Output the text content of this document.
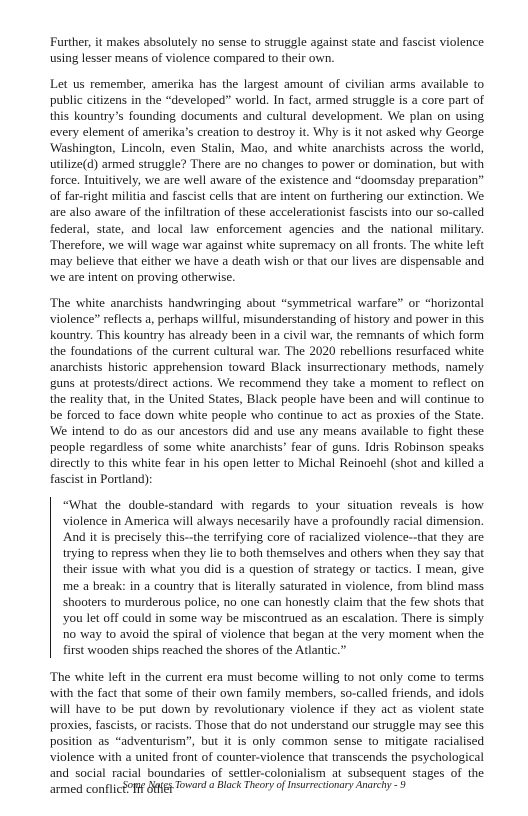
Further, it makes absolutely no sense to struggle against state and fascist violence using lesser means of violence compared to their own.

Let us remember, amerika has the largest amount of civilian arms available to public citizens in the “developed” world. In fact, armed struggle is a core part of this kountry’s founding documents and cultural development. We plan on using every element of amerika’s creation to destroy it. Why is it not asked why George Washington, Lincoln, even Stalin, Mao, and white anarchists across the world, utilize(d) armed struggle? There are no changes to power or domination, but with force. Intuitively, we are well aware of the existence and “doomsday preparation” of far-right militia and fascist cells that are intent on furthering our extinction. We are also aware of the infiltration of these accelerationist fascists into our so-called federal, state, and local law enforcement agencies and the national military. Therefore, we will wage war against white supremacy on all fronts. The white left may believe that either we have a death wish or that our lives are dispensable and we are intent on proving otherwise.

The white anarchists handwringing about “symmetrical warfare” or “horizontal violence” reflects a, perhaps willful, misunderstanding of history and power in this kountry. This kountry has already been in a civil war, the remnants of which form the foundations of the current cultural war. The 2020 rebellions resurfaced white anarchists historic apprehension toward Black insurrectionary methods, namely guns at protests/direct actions. We recommend they take a moment to reflect on the reality that, in the United States, Black people have been and will continue to be forced to face down white people who continue to act as proxies of the State. We intend to do as our ancestors did and use any means available to fight these people regardless of some white anarchists’ fear of guns. Idris Robinson speaks directly to this white fear in his open letter to Michal Reinoehl (shot and killed a fascist in Portland):

“What the double-standard with regards to your situation reveals is how violence in America will always necesarily have a profoundly racial dimension. And it is precisely this--the terrifying core of racialized violence--that they are trying to repress when they lie to both themselves and others when they say that their issue with what you did is a question of strategy or tactics. I mean, give me a break: in a country that is literally saturated in violence, from blind mass shooters to murderous police, no one can honestly claim that the few shots that you let off could in some way be miscontrued as an escalation. There is simply no way to avoid the spiral of violence that began at the very moment when the first wooden ships reached the shores of the Atlantic.”

The white left in the current era must become willing to not only come to terms with the fact that some of their own family members, so-called friends, and idols will have to be put down by revolutionary violence if they act as violent state proxies, fascists, or racists. Those that do not understand our struggle may see this position as “adventurism”, but it is only common sense to mitigate racialised violence with a united front of counter-violence that transcends the psychological and social racial boundaries of settler-colonialism at subsequent stages of the armed conflict. In other

Some Notes Toward a Black Theory of Insurrectionary Anarchy - 9
